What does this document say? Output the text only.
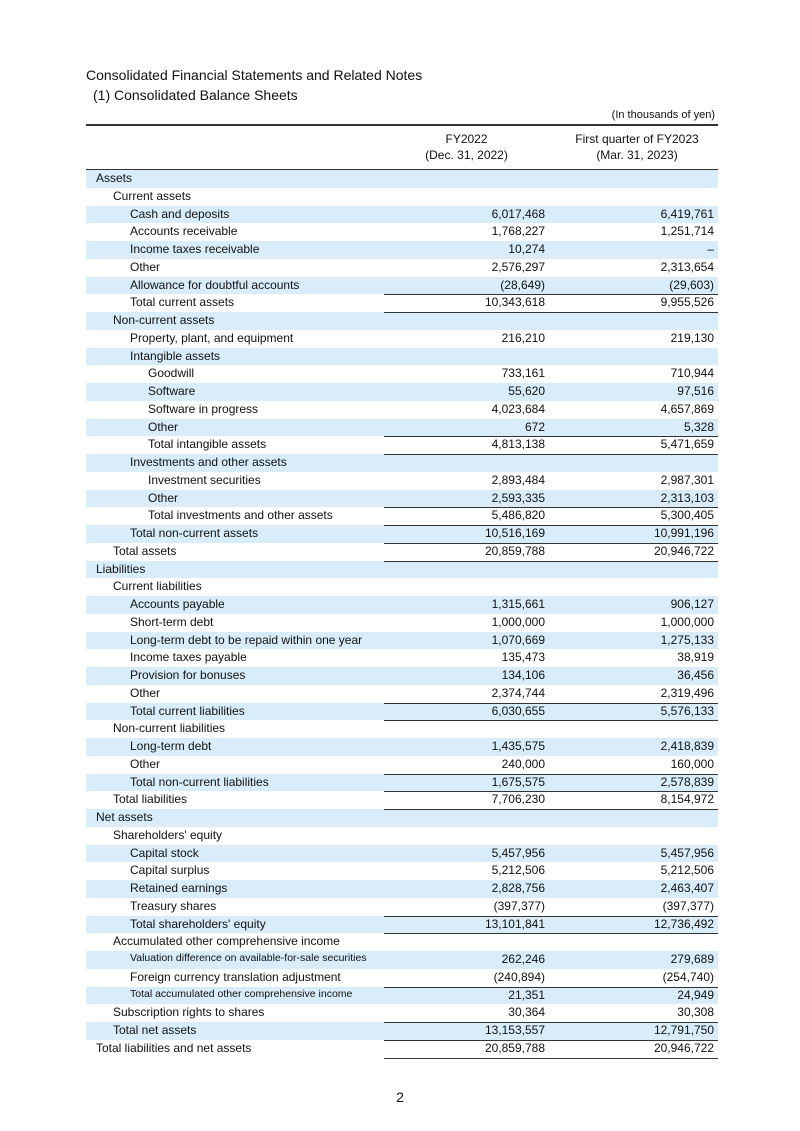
Consolidated Financial Statements and Related Notes
(1) Consolidated Balance Sheets
(In thousands of yen)
FY2022
(Dec. 31, 2022)
First quarter of FY2023
(Mar. 31, 2023)
Assets
Current assets
Cash and deposits	6,017,468	6,419,761
Accounts receivable	1,768,227	1,251,714
Income taxes receivable	10,274	–
Other	2,576,297	2,313,654
Allowance for doubtful accounts	(28,649)	(29,603)
Total current assets	10,343,618	9,955,526
Non-current assets
Property, plant, and equipment	216,210	219,130
Intangible assets
Goodwill	733,161	710,944
Software	55,620	97,516
Software in progress	4,023,684	4,657,869
Other	672	5,328
Total intangible assets	4,813,138	5,471,659
Investments and other assets
Investment securities	2,893,484	2,987,301
Other	2,593,335	2,313,103
Total investments and other assets	5,486,820	5,300,405
Total non-current assets	10,516,169	10,991,196
Total assets	20,859,788	20,946,722
Liabilities
Current liabilities
Accounts payable	1,315,661	906,127
Short-term debt	1,000,000	1,000,000
Long-term debt to be repaid within one year	1,070,669	1,275,133
Income taxes payable	135,473	38,919
Provision for bonuses	134,106	36,456
Other	2,374,744	2,319,496
Total current liabilities	6,030,655	5,576,133
Non-current liabilities
Long-term debt	1,435,575	2,418,839
Other	240,000	160,000
Total non-current liabilities	1,675,575	2,578,839
Total liabilities	7,706,230	8,154,972
Net assets
Shareholders' equity
Capital stock	5,457,956	5,457,956
Capital surplus	5,212,506	5,212,506
Retained earnings	2,828,756	2,463,407
Treasury shares	(397,377)	(397,377)
Total shareholders' equity	13,101,841	12,736,492
Accumulated other comprehensive income
Valuation difference on available-for-sale securities	262,246	279,689
Foreign currency translation adjustment	(240,894)	(254,740)
Total accumulated other comprehensive income	21,351	24,949
Subscription rights to shares	30,364	30,308
Total net assets	13,153,557	12,791,750
Total liabilities and net assets	20,859,788	20,946,722
2
